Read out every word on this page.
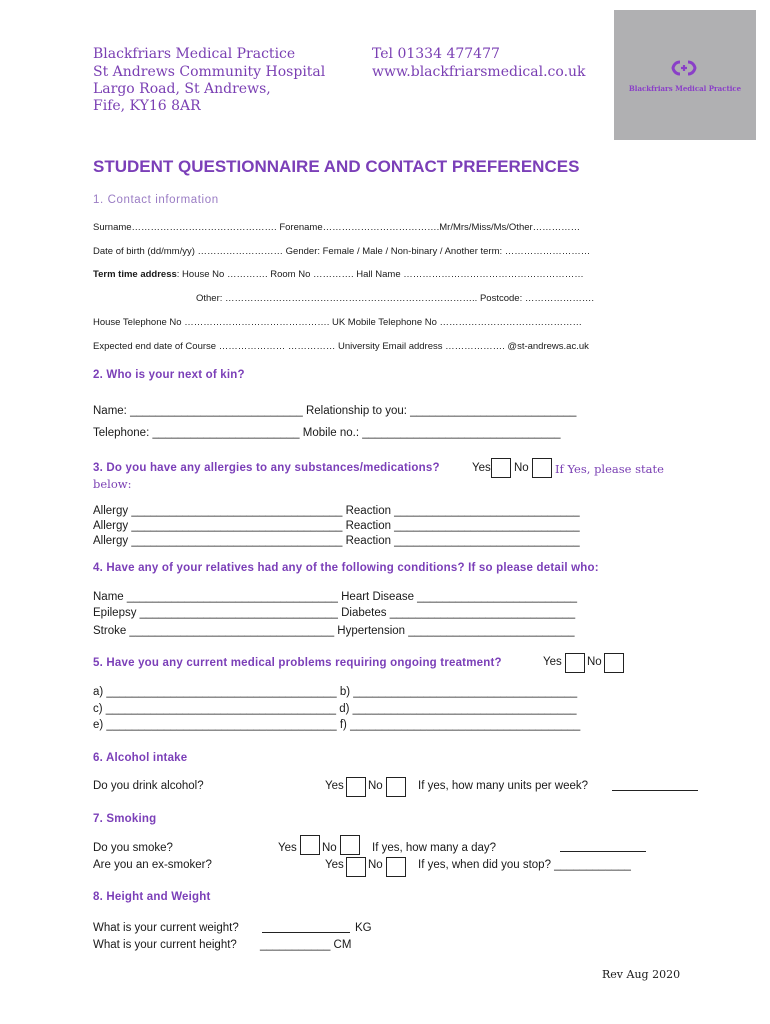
Blackfriars Medical Practice
St Andrews Community Hospital
Largo Road, St Andrews,
Fife, KY16 8AR
Tel 01334 477477
www.blackfriarsmedical.co.uk
Blackfriars Medical Practice
STUDENT QUESTIONNAIRE AND CONTACT PREFERENCES
1. Contact information
Surname………………………………………. Forename……………………………….Mr/Mrs/Miss/Ms/Other……………
Date of birth (dd/mm/yy) ……………………… Gender: Female / Male / Non-binary / Another term: ………………………
Term time address: House No …………. Room No …………. Hall Name …………………………………………………
Other: …………………………………………………………………….. Postcode: ………………….
House Telephone No ………………………………………. UK Mobile Telephone No ………………………………………
Expected end date of Course ………………… …………… University Email address ………………. @st-andrews.ac.uk
2. Who is your next of kin?
Name: ___________________________ Relationship to you: __________________________
Telephone: _______________________ Mobile no.: _______________________________
3. Do you have any allergies to any substances/medications?	Yes No If Yes, please state
below:
Allergy _________________________________ Reaction _____________________________
Allergy _________________________________ Reaction _____________________________
Allergy _________________________________ Reaction _____________________________
4. Have any of your relatives had any of the following conditions? If so please detail who:
Name _________________________________ Heart Disease _________________________
Epilepsy _______________________________ Diabetes _____________________________
Stroke ________________________________ Hypertension __________________________
5. Have you any current medical problems requiring ongoing treatment?	Yes No
a) ____________________________________ b) ___________________________________
c) ____________________________________ d) ___________________________________
e) ____________________________________ f) ____________________________________
6. Alcohol intake
Do you drink alcohol?	Yes No	If yes, how many units per week?
7. Smoking
Do you smoke?	Yes No	If yes, how many a day?
Are you an ex-smoker?	Yes No	If yes, when did you stop? ____________
8. Height and Weight
What is your current weight?	KG
What is your current height? ___________ CM
Rev Aug 2020
